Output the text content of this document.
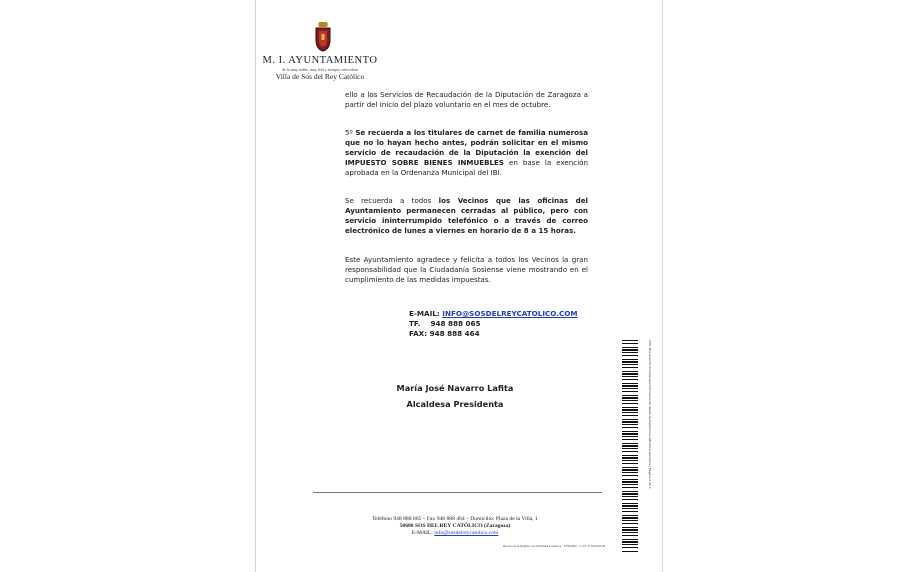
M. I. AYUNTAMIENTO
de la muy noble, muy leal y siempre vencedora
Villa de Sos del Rey Católico

ello a los Servicios de Recaudación de la Diputación de Zaragoza a partir del inicio del plazo voluntario en el mes de octubre.

5º Se recuerda a los titulares de carnet de familia numerosa que no lo hayan hecho antes, podrán solicitar en el mismo servicio de recaudación de la Diputación la exención del IMPUESTO SOBRE BIENES INMUEBLES en base la exención aprobada en la Ordenanza Municipal del IBI.

Se recuerda a todos los Vecinos que las oficinas del Ayuntamiento permanecen cerradas al público, pero con servicio ininterrumpido telefónico o a través de correo electrónico de lunes a viernes en horario de 8 a 15 horas.

Este Ayuntamiento agradece y felicita a todos los Vecinos la gran responsabilidad que la Ciudadanía Sosiense viene mostrando en el cumplimiento de las medidas impuestas.

E-MAIL: INFO@SOSDELREYCATOLICO.COM
TF. 948 888 065
FAX: 948 888 464
María José Navarro Lafita
Alcaldesa Presidenta
Teléfono 948 888 065 – Fax 948 888 464 – Domicilio: Plaza de la Villa, 1
50680 SOS DEL REY CATÓLICO (Zaragoza)
E-MAIL: info@sosdelreycatolico.com
Inscrito en el Registro de Entidades Locales n.º 01502480 – C.I.F. P-5025100-H
CSV: Documento firmado electrónicamente desde la plataforma esPublico Gestiona | Página 2 de 2
